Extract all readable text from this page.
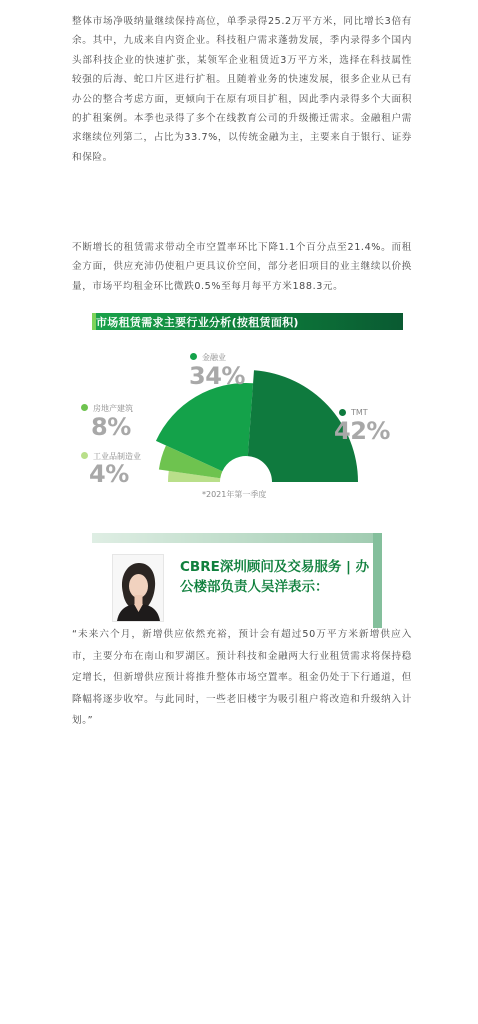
整体市场净吸纳量继续保持高位，单季录得25.2万平方米，同比增长3倍有余。其中，九成来自内资企业。科技租户需求蓬勃发展，季内录得多个国内头部科技企业的快速扩张，某领军企业租赁近3万平方米，选择在科技属性较强的后海、蛇口片区进行扩租。且随着业务的快速发展，很多企业从已有办公的整合考虑方面，更倾向于在原有项目扩租，因此季内录得多个大面积的扩租案例。本季也录得了多个在线教育公司的升级搬迁需求。金融租户需求继续位列第二，占比为33.7%，以传统金融为主，主要来自于银行、证券和保险。

不断增长的租赁需求带动全市空置率环比下降1.1个百分点至21.4%。而租金方面，供应充沛仍使租户更具议价空间，部分老旧项目的业主继续以价换量，市场平均租金环比微跌0.5%至每月每平方米188.3元。

市场租赁需求主要行业分析(按租赁面积)
金融业
34%
房地产建筑
8%
工业品制造业
4%
TMT
42%
*2021年第一季度

CBRE深圳顾问及交易服务 | 办公楼部负责人吴洋表示：

“未来六个月，新增供应依然充裕，预计会有超过50万平方米新增供应入市，主要分布在南山和罗湖区。预计科技和金融两大行业租赁需求将保持稳定增长，但新增供应预计将推升整体市场空置率。租金仍处于下行通道，但降幅将逐步收窄。与此同时，一些老旧楼宇为吸引租户将改造和升级纳入计划。”
